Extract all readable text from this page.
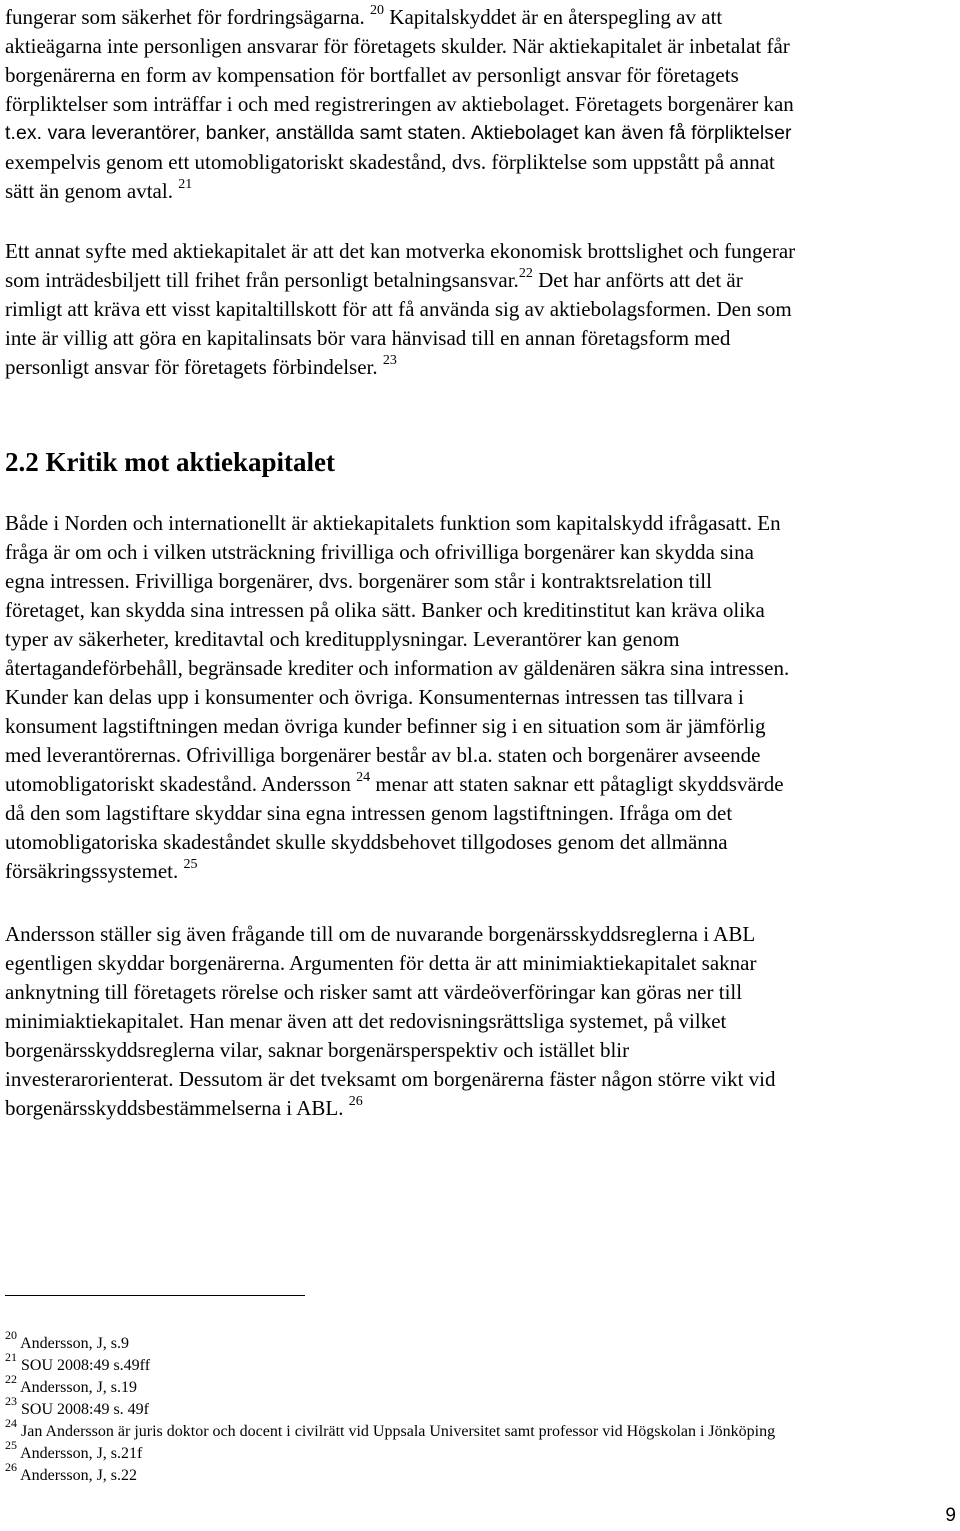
fungerar som säkerhet för fordringsägarna. $^{20}$ Kapitalskyddet är en återspegling av att
aktieägarna inte personligen ansvarar för företagets skulder. När aktiekapitalet är inbetalat får
borgenärerna en form av kompensation för bortfallet av personligt ansvar för företagets
förpliktelser som inträffar i och med registreringen av aktiebolaget. Företagets borgenärer kan
t.ex. vara leverantörer, banker, anställda samt staten. Aktiebolaget kan även få förpliktelser
exempelvis genom ett utomobligatoriskt skadestånd, dvs. förpliktelse som uppstått på annat
sätt än genom avtal. $^{21}$
Ett annat syfte med aktiekapitalet är att det kan motverka ekonomisk brottslighet och fungerar
som inträdesbiljett till frihet från personligt betalningsansvar.$^{22}$ Det har anförts att det är
rimligt att kräva ett visst kapitaltillskott för att få använda sig av aktiebolagsformen. Den som
inte är villig att göra en kapitalinsats bör vara hänvisad till en annan företagsform med
personligt ansvar för företagets förbindelser. $^{23}$
2.2 Kritik mot aktiekapitalet
Både i Norden och internationellt är aktiekapitalets funktion som kapitalskydd ifrågasatt. En
fråga är om och i vilken utsträckning frivilliga och ofrivilliga borgenärer kan skydda sina
egna intressen. Frivilliga borgenärer, dvs. borgenärer som står i kontraktsrelation till
företaget, kan skydda sina intressen på olika sätt. Banker och kreditinstitut kan kräva olika
typer av säkerheter, kreditavtal och kreditupplysningar. Leverantörer kan genom
återtagandeförbehåll, begränsade krediter och information av gäldenären säkra sina intressen.
Kunder kan delas upp i konsumenter och övriga. Konsumenternas intressen tas tillvara i
konsument lagstiftningen medan övriga kunder befinner sig i en situation som är jämförlig
med leverantörernas. Ofrivilliga borgenärer består av bl.a. staten och borgenärer avseende
utomobligatoriskt skadestånd. Andersson $^{24}$ menar att staten saknar ett påtagligt skyddsvärde
då den som lagstiftare skyddar sina egna intressen genom lagstiftningen. Ifråga om det
utomobligatoriska skadeståndet skulle skyddsbehovet tillgodoses genom det allmänna
försäkringssystemet. $^{25}$
Andersson ställer sig även frågande till om de nuvarande borgenärsskyddsreglerna i ABL
egentligen skyddar borgenärerna. Argumenten för detta är att minimiaktiekapitalet saknar
anknytning till företagets rörelse och risker samt att värdeöverföringar kan göras ner till
minimiaktiekapitalet. Han menar även att det redovisningsrättsliga systemet, på vilket
borgenärsskyddsreglerna vilar, saknar borgenärsperspektiv och istället blir
investerarorienterat. Dessutom är det tveksamt om borgenärerna fäster någon större vikt vid
borgenärsskyddsbestämmelserna i ABL. $^{26}$
$^{20}$ Andersson, J, s.9
$^{21}$ SOU 2008:49 s.49ff
$^{22}$ Andersson, J, s.19
$^{23}$ SOU 2008:49 s. 49f
$^{24}$ Jan Andersson är juris doktor och docent i civilrätt vid Uppsala Universitet samt professor vid Högskolan i Jönköping
$^{25}$ Andersson, J, s.21f
$^{26}$ Andersson, J, s.22
9
